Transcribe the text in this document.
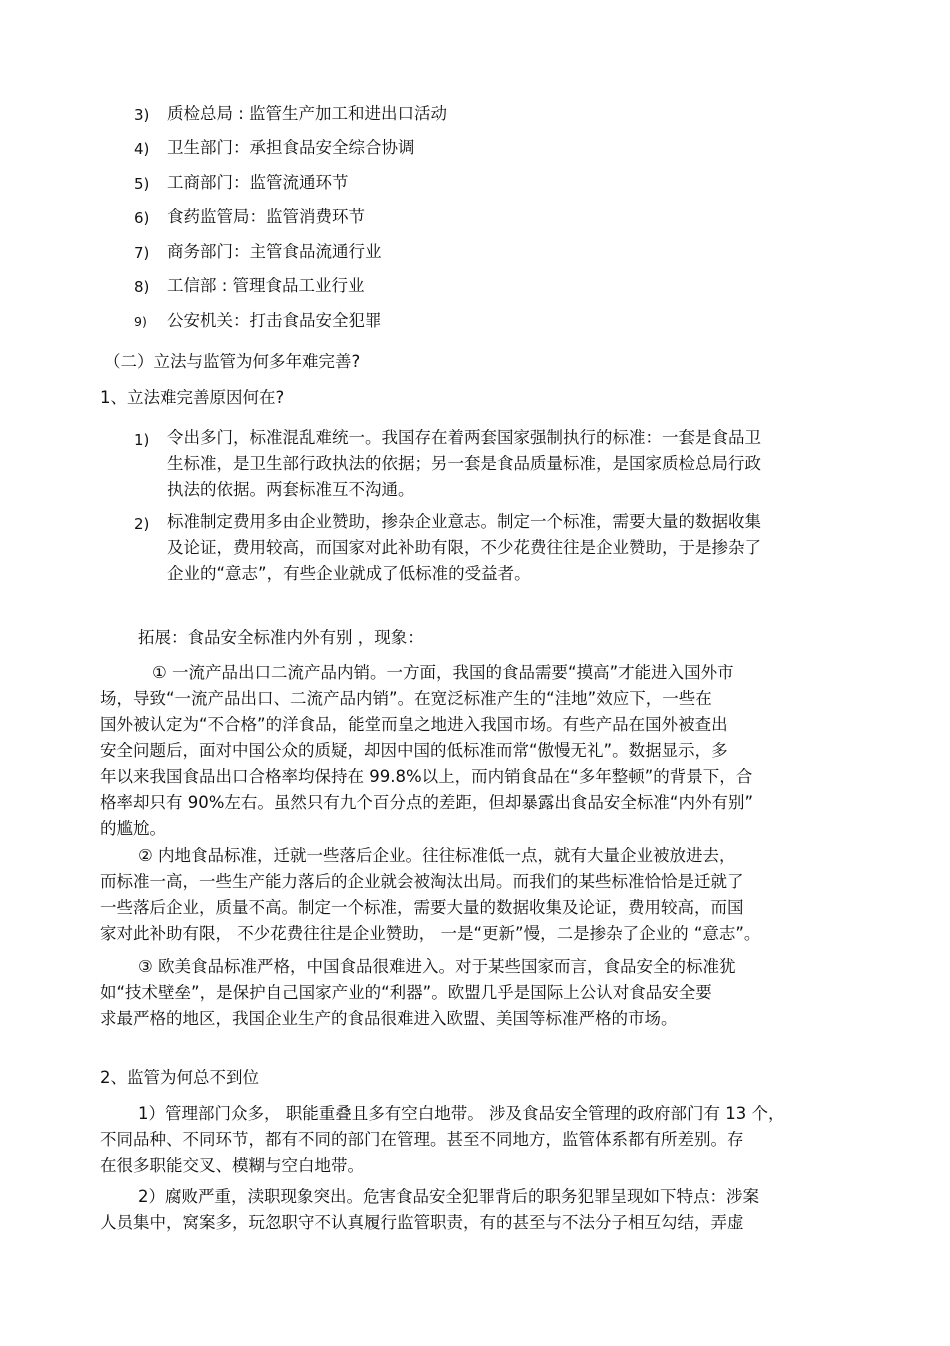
3) 质检总局 : 监管生产加工和进出口活动
4) 卫生部门：承担食品安全综合协调
5) 工商部门：监管流通环节
6) 食药监管局：监管消费环节
7) 商务部门：主管食品流通行业
8) 工信部 : 管理食品工业行业
9) 公安机关：打击食品安全犯罪
（二）立法与监管为何多年难完善?
1、立法难完善原因何在?
1) 令出多门，标准混乱难统一。我国存在着两套国家强制执行的标准：一套是食品卫
生标准，是卫生部行政执法的依据；另一套是食品质量标准，是国家质检总局行政
执法的依据。两套标准互不沟通。
2) 标准制定费用多由企业赞助，掺杂企业意志。制定一个标准，需要大量的数据收集
及论证，费用较高，而国家对此补助有限，不少花费往往是企业赞助，于是掺杂了
企业的“意志”，有些企业就成了低标准的受益者。
拓展：食品安全标准内外有别 ，现象：
① 一流产品出口二流产品内销。一方面，我国的食品需要“摸高”才能进入国外市
场，导致“一流产品出口、二流产品内销”。在宽泛标准产生的“洼地”效应下，一些在
国外被认定为“不合格”的洋食品，能堂而皇之地进入我国市场。有些产品在国外被查出
安全问题后，面对中国公众的质疑，却因中国的低标准而常“傲慢无礼”。数据显示，多
年以来我国食品出口合格率均保持在 99.8%以上，而内销食品在“多年整顿”的背景下，合
格率却只有 90%左右。虽然只有九个百分点的差距，但却暴露出食品安全标准“内外有别”
的尴尬。
② 内地食品标准，迁就一些落后企业。往往标准低一点，就有大量企业被放进去，
而标准一高，一些生产能力落后的企业就会被淘汰出局。而我们的某些标准恰恰是迁就了
一些落后企业，质量不高。制定一个标准，需要大量的数据收集及论证，费用较高，而国
家对此补助有限， 不少花费往往是企业赞助， 一是“更新”慢，二是掺杂了企业的 “意志”。
③ 欧美食品标准严格，中国食品很难进入。对于某些国家而言，食品安全的标准犹
如“技术壁垒”，是保护自己国家产业的“利器”。欧盟几乎是国际上公认对食品安全要
求最严格的地区，我国企业生产的食品很难进入欧盟、美国等标准严格的市场。
2、监管为何总不到位
1）管理部门众多， 职能重叠且多有空白地带。 涉及食品安全管理的政府部门有 13 个，
不同品种、不同环节，都有不同的部门在管理。甚至不同地方，监管体系都有所差别。存
在很多职能交叉、模糊与空白地带。
2）腐败严重，渎职现象突出。危害食品安全犯罪背后的职务犯罪呈现如下特点：涉案
人员集中，窝案多，玩忽职守不认真履行监管职责，有的甚至与不法分子相互勾结，弄虚
